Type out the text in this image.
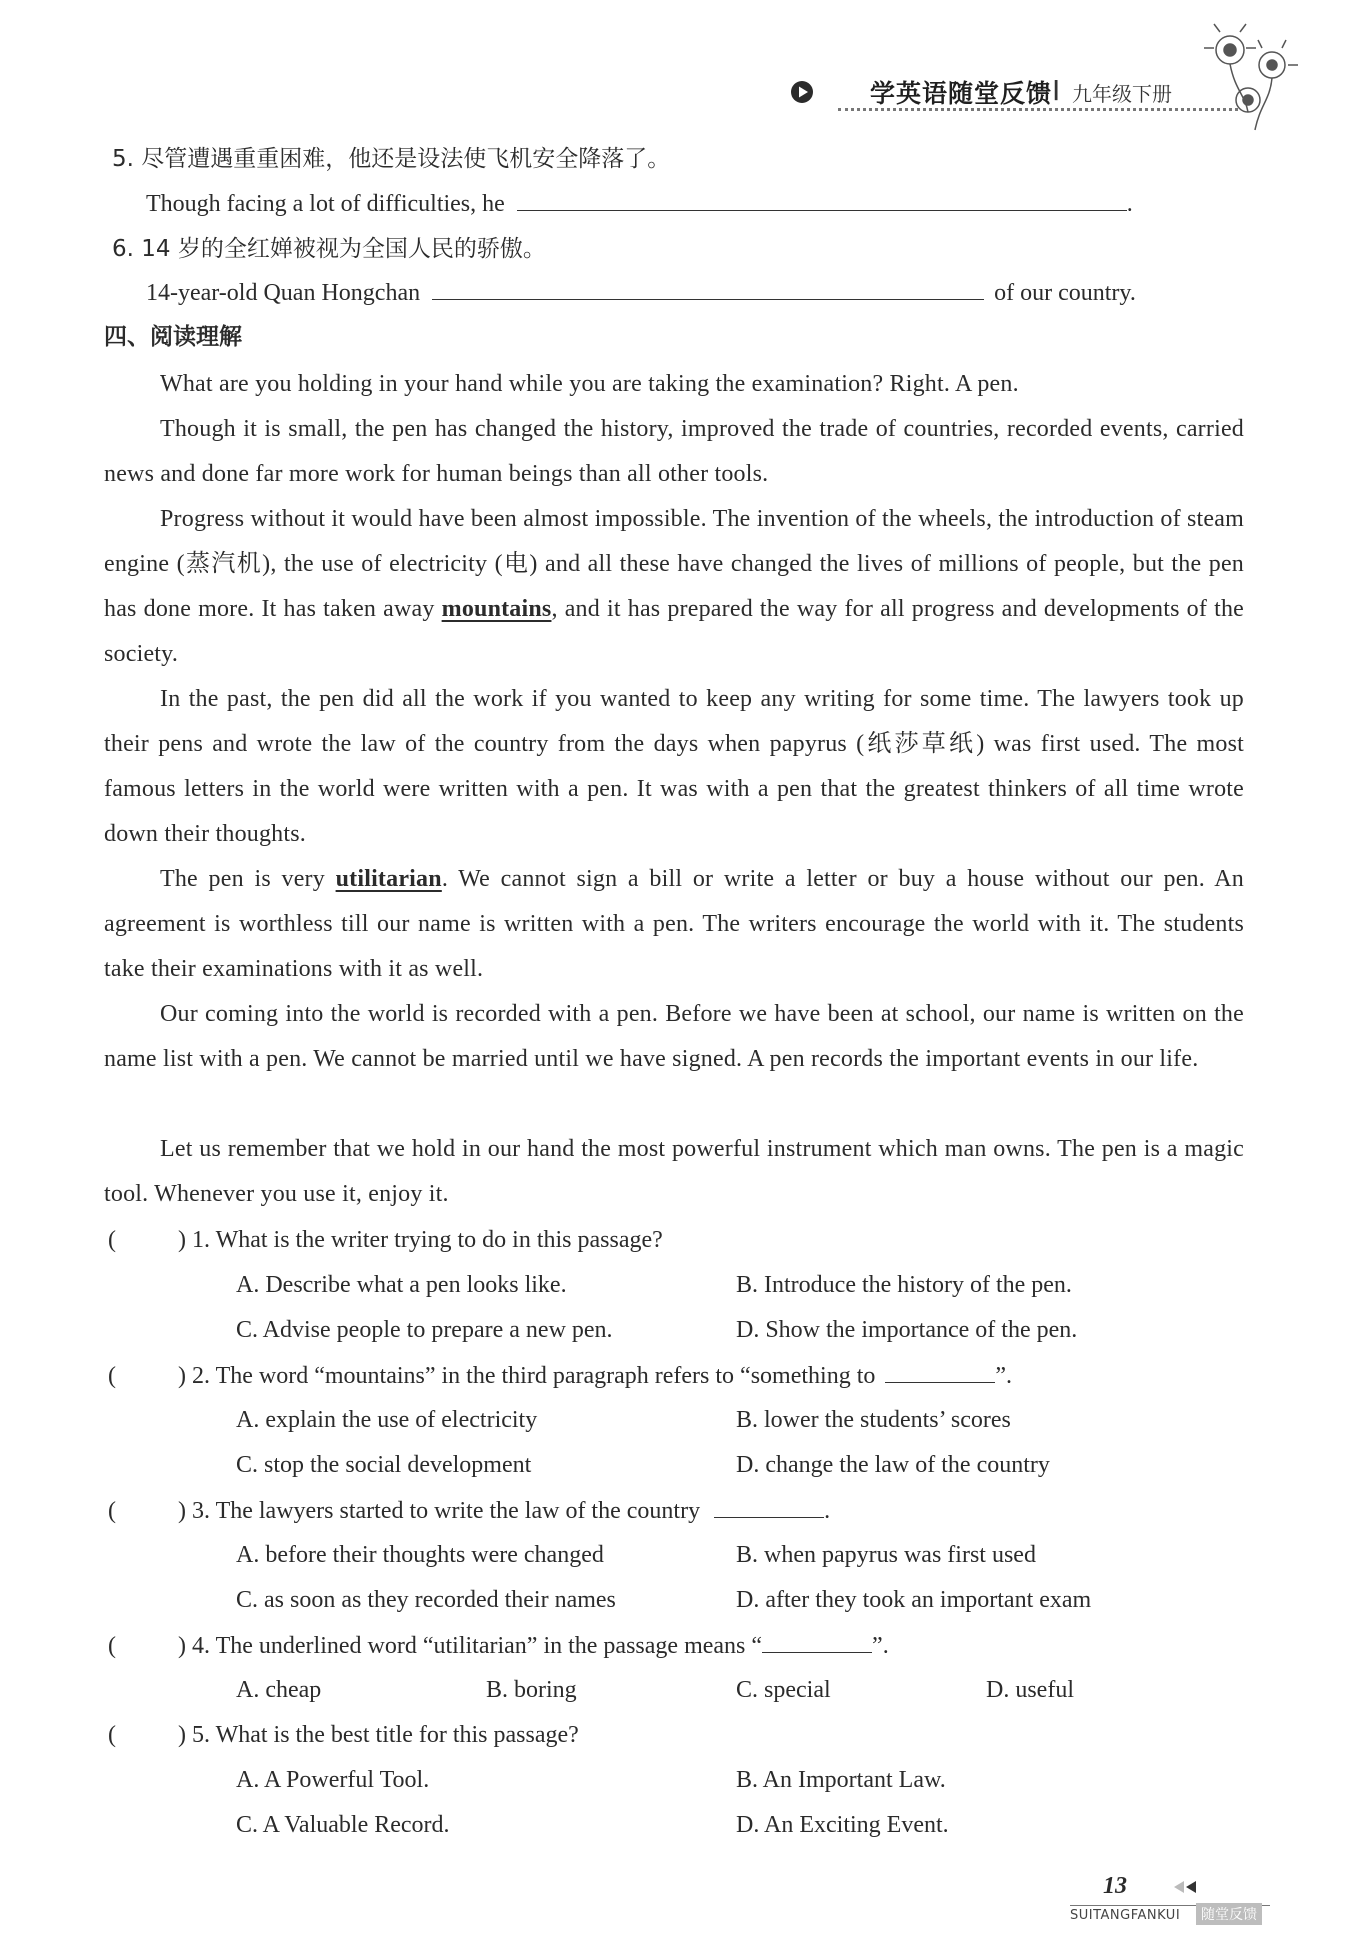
学英语随堂反馈 I 九年级下册
5. 尽管遭遇重重困难，他还是设法使飞机安全降落了。
Though facing a lot of difficulties, he	.
6. 14 岁的全红婵被视为全国人民的骄傲。
14-year-old Quan Hongchan	of our country.
四、阅读理解
What are you holding in your hand while you are taking the examination? Right. A pen.
Though it is small, the pen has changed the history, improved the trade of countries, recorded events, carried news and done far more work for human beings than all other tools.
Progress without it would have been almost impossible. The invention of the wheels, the introduction of steam engine (蒸汽机), the use of electricity (电) and all these have changed the lives of millions of people, but the pen has done more. It has taken away mountains, and it has prepared the way for all progress and developments of the society.
In the past, the pen did all the work if you wanted to keep any writing for some time. The lawyers took up their pens and wrote the law of the country from the days when papyrus (纸莎草纸) was first used. The most famous letters in the world were written with a pen. It was with a pen that the greatest thinkers of all time wrote down their thoughts.
The pen is very utilitarian. We cannot sign a bill or write a letter or buy a house without our pen. An agreement is worthless till our name is written with a pen. The writers encourage the world with it. The students take their examinations with it as well.
Our coming into the world is recorded with a pen. Before we have been at school, our name is written on the name list with a pen. We cannot be married until we have signed. A pen records the important events in our life.
Let us remember that we hold in our hand the most powerful instrument which man owns. The pen is a magic tool. Whenever you use it, enjoy it.
(	) 1. What is the writer trying to do in this passage?
A. Describe what a pen looks like.	B. Introduce the history of the pen.
C. Advise people to prepare a new pen.	D. Show the importance of the pen.
(	) 2. The word “mountains” in the third paragraph refers to “something to	”.
A. explain the use of electricity	B. lower the students’ scores
C. stop the social development	D. change the law of the country
(	) 3. The lawyers started to write the law of the country	.
A. before their thoughts were changed	B. when papyrus was first used
C. as soon as they recorded their names	D. after they took an important exam
(	) 4. The underlined word “utilitarian” in the passage means “	”.
A. cheap	B. boring	C. special	D. useful
(	) 5. What is the best title for this passage?
A. A Powerful Tool.	B. An Important Law.
C. A Valuable Record.	D. An Exciting Event.
13
SUITANGFANKUI	随堂反馈
